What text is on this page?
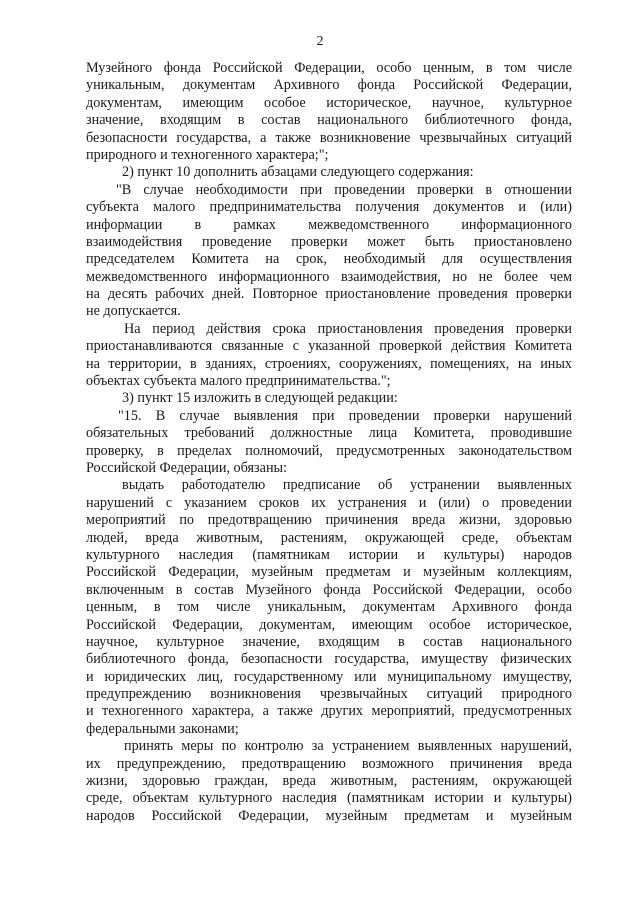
2
Музейного фонда Российской Федерации, особо ценным, в том числе
уникальным, документам Архивного фонда Российской Федерации,
документам, имеющим особое историческое, научное, культурное
значение, входящим в состав национального библиотечного фонда,
безопасности государства, а также возникновение чрезвычайных ситуаций
природного и техногенного характера;";
2) пункт 10 дополнить абзацами следующего содержания:
"В случае необходимости при проведении проверки в отношении
субъекта малого предпринимательства получения документов и (или)
информации в рамках межведомственного информационного
взаимодействия проведение проверки может быть приостановлено
председателем Комитета на срок, необходимый для осуществления
межведомственного информационного взаимодействия, но не более чем
на десять рабочих дней. Повторное приостановление проведения проверки
не допускается.
На период действия срока приостановления проведения проверки
приостанавливаются связанные с указанной проверкой действия Комитета
на территории, в зданиях, строениях, сооружениях, помещениях, на иных
объектах субъекта малого предпринимательства.";
3) пункт 15 изложить в следующей редакции:
"15. В случае выявления при проведении проверки нарушений
обязательных требований должностные лица Комитета, проводившие
проверку, в пределах полномочий, предусмотренных законодательством
Российской Федерации, обязаны:
выдать работодателю предписание об устранении выявленных
нарушений с указанием сроков их устранения и (или) о проведении
мероприятий по предотвращению причинения вреда жизни, здоровью
людей, вреда животным, растениям, окружающей среде, объектам
культурного наследия (памятникам истории и культуры) народов
Российской Федерации, музейным предметам и музейным коллекциям,
включенным в состав Музейного фонда Российской Федерации, особо
ценным, в том числе уникальным, документам Архивного фонда
Российской Федерации, документам, имеющим особое историческое,
научное, культурное значение, входящим в состав национального
библиотечного фонда, безопасности государства, имуществу физических
и юридических лиц, государственному или муниципальному имуществу,
предупреждению возникновения чрезвычайных ситуаций природного
и техногенного характера, а также других мероприятий, предусмотренных
федеральными законами;
принять меры по контролю за устранением выявленных нарушений,
их предупреждению, предотвращению возможного причинения вреда
жизни, здоровью граждан, вреда животным, растениям, окружающей
среде, объектам культурного наследия (памятникам истории и культуры)
народов Российской Федерации, музейным предметам и музейным
